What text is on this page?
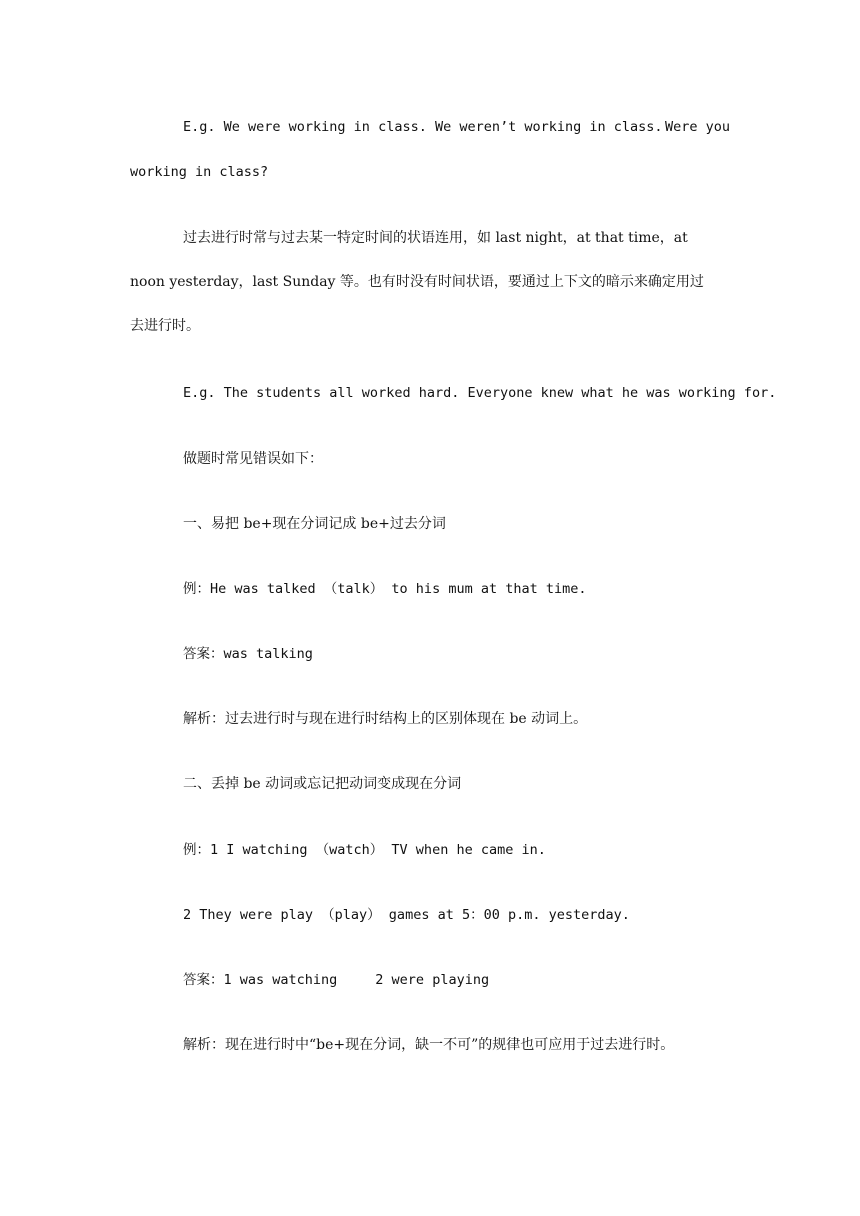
E.g. We were working in class. We weren’t working in class. Were you
working in class?
过去进行时常与过去某一特定时间的状语连用，如 last night，at that time，at
noon yesterday，last Sunday 等。也有时没有时间状语，要通过上下文的暗示来确定用过
去进行时。
E.g. The students all worked hard. Everyone knew what he was working for.
做题时常见错误如下：
一、易把 be+现在分词记成 be+过去分词
例：He was talked （talk） to his mum at that time.
答案：was talking
解析：过去进行时与现在进行时结构上的区别体现在 be 动词上。
二、丢掉 be 动词或忘记把动词变成现在分词
例：1 I watching （watch） TV when he came in.
2 They were play （play） games at 5：00 p.m. yesterday.
答案：1 was watching	2 were playing
解析：现在进行时中“be+现在分词，缺一不可”的规律也可应用于过去进行时。
